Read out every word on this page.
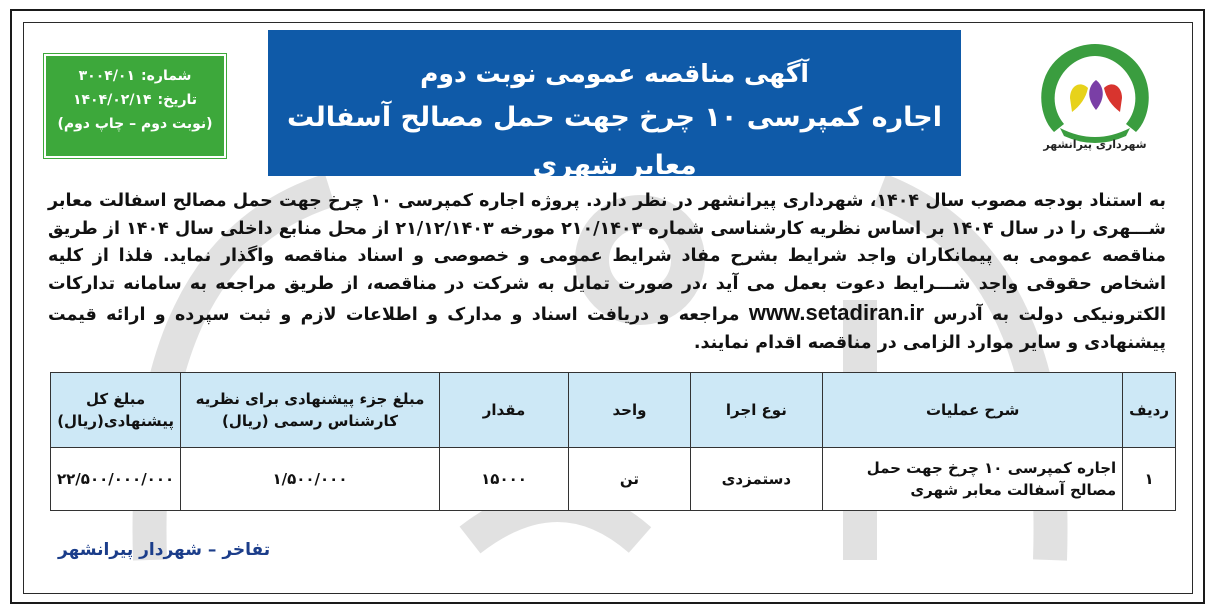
شهرداری پیرانشهر
آگهی مناقصه عمومی نوبت دوم
اجاره کمپرسی ۱۰ چرخ جهت حمل مصالح آسفالت معابر شهری
شماره:
۳۰۰۴/۰۱
تاریخ:
۱۴۰۴/۰۲/۱۴
(نوبت دوم – چاپ دوم)
به استناد بودجه مصوب سال ۱۴۰۴، شهرداری پیرانشهر در نظر دارد. پروژه اجاره کمپرسی ۱۰ چرخ جهت حمل مصالح اسفالت معابر شـــهری را در سال ۱۴۰۴ بر اساس نظریه کارشناسی شماره ۲۱۰/۱۴۰۳ مورخه ۲۱/۱۲/۱۴۰۳ از محل منابع داخلی سال ۱۴۰۴ از طریق مناقصه عمومی به پیمانکاران واجد شرایط بشرح مفاد شرایط عمومی و خصوصی و اسناد مناقصه واگذار نماید. فلذا از کلیه اشخاص حقوقی واجد شـــرایط دعوت بعمل می آید ،در صورت تمایل به شرکت در مناقصه، از طریق مراجعه به سامانه تدارکات الکترونیکی دولت به آدرس www.setadiran.ir مراجعه و دریافت اسناد و مدارک و اطلاعات لازم و ثبت سپرده و ارائه قیمت پیشنهادی و سایر موارد الزامی در مناقصه اقدام نمایند.
ردیف	شرح عملیات	نوع اجرا	واحد	مقدار	مبلغ جزء پیشنهادی برای نظریه کارشناس رسمی (ریال)	مبلغ کل پیشنهادی(ریال)
۱	اجاره کمپرسی ۱۰ چرخ جهت حمل مصالح آسفالت معابر شهری	دستمزدی	تن	۱۵۰۰۰	۱/۵۰۰/۰۰۰	۲۲/۵۰۰/۰۰۰/۰۰۰
تفاخر – شهردار پیرانشهر
